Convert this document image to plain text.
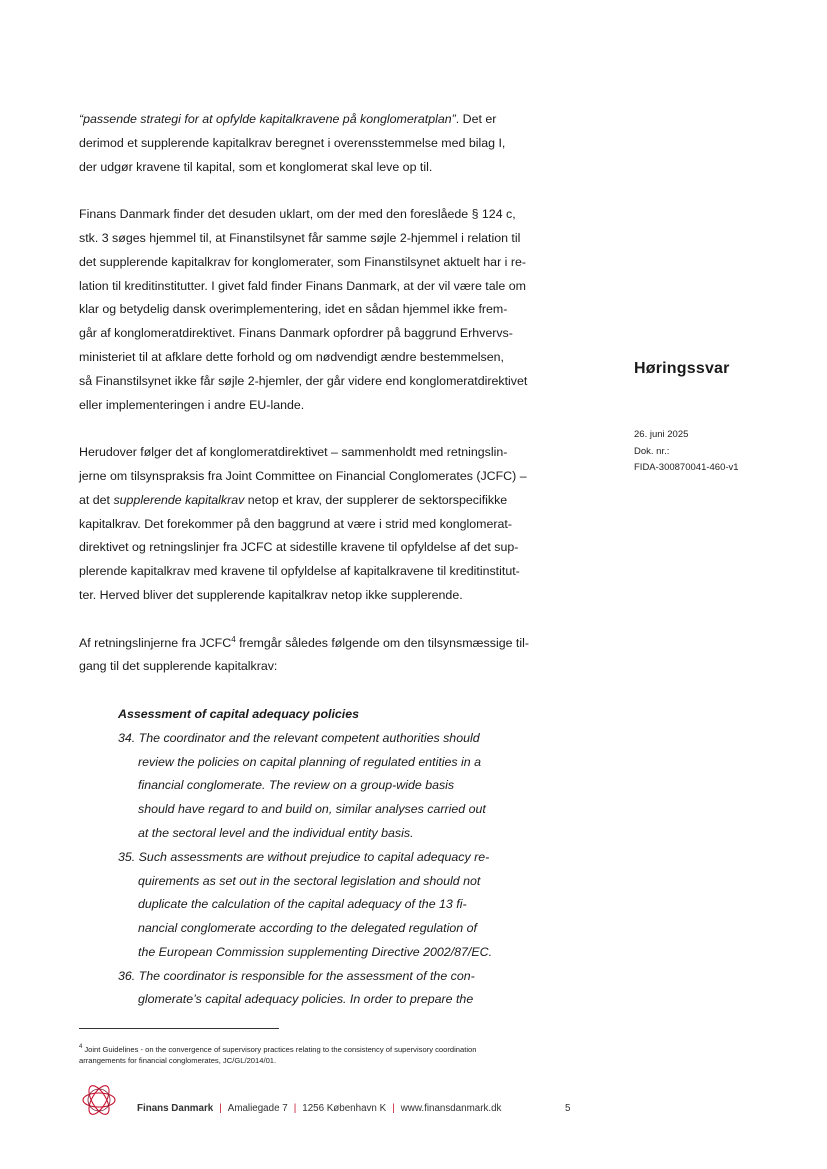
“passende strategi for at opfylde kapitalkravene på konglomeratplan”. Det er
derimod et supplerende kapitalkrav beregnet i overensstemmelse med bilag I,
der udgør kravene til kapital, som et konglomerat skal leve op til.
Finans Danmark finder det desuden uklart, om der med den foreslåede § 124 c,
stk. 3 søges hjemmel til, at Finanstilsynet får samme søjle 2-hjemmel i relation til
det supplerende kapitalkrav for konglomerater, som Finanstilsynet aktuelt har i re-
lation til kreditinstitutter. I givet fald finder Finans Danmark, at der vil være tale om
klar og betydelig dansk overimplementering, idet en sådan hjemmel ikke frem-
går af konglomeratdirektivet. Finans Danmark opfordrer på baggrund Erhvervs-
ministeriet til at afklare dette forhold og om nødvendigt ændre bestemmelsen,
så Finanstilsynet ikke får søjle 2-hjemler, der går videre end konglomeratdirektivet
eller implementeringen i andre EU-lande.
Herudover følger det af konglomeratdirektivet – sammenholdt med retningslin-
jerne om tilsynspraksis fra Joint Committee on Financial Conglomerates (JCFC) –
at det supplerende kapitalkrav netop et krav, der supplerer de sektorspecifikke
kapitalkrav. Det forekommer på den baggrund at være i strid med konglomerat-
direktivet og retningslinjer fra JCFC at sidestille kravene til opfyldelse af det sup-
plerende kapitalkrav med kravene til opfyldelse af kapitalkravene til kreditinstitut-
ter. Herved bliver det supplerende kapitalkrav netop ikke supplerende.
Af retningslinjerne fra JCFC$^4$ fremgår således følgende om den tilsynsmæssige til-
gang til det supplerende kapitalkrav:
Assessment of capital adequacy policies
34. The coordinator and the relevant competent authorities should
review the policies on capital planning of regulated entities in a
financial conglomerate. The review on a group-wide basis
should have regard to and build on, similar analyses carried out
at the sectoral level and the individual entity basis.
35. Such assessments are without prejudice to capital adequacy re-
quirements as set out in the sectoral legislation and should not
duplicate the calculation of the capital adequacy of the 13 fi-
nancial conglomerate according to the delegated regulation of
the European Commission supplementing Directive 2002/87/EC.
36. The coordinator is responsible for the assessment of the con-
glomerate’s capital adequacy policies. In order to prepare the
Høringssvar
26. juni 2025
Dok. nr.:
FIDA-300870041-460-v1
$^4$ Joint Guidelines - on the convergence of supervisory practices relating to the consistency of supervisory coordination
arrangements for financial conglomerates, JC/GL/2014/01.
Finans Danmark | Amaliegade 7 | 1256 København K | www.finansdanmark.dk	5
